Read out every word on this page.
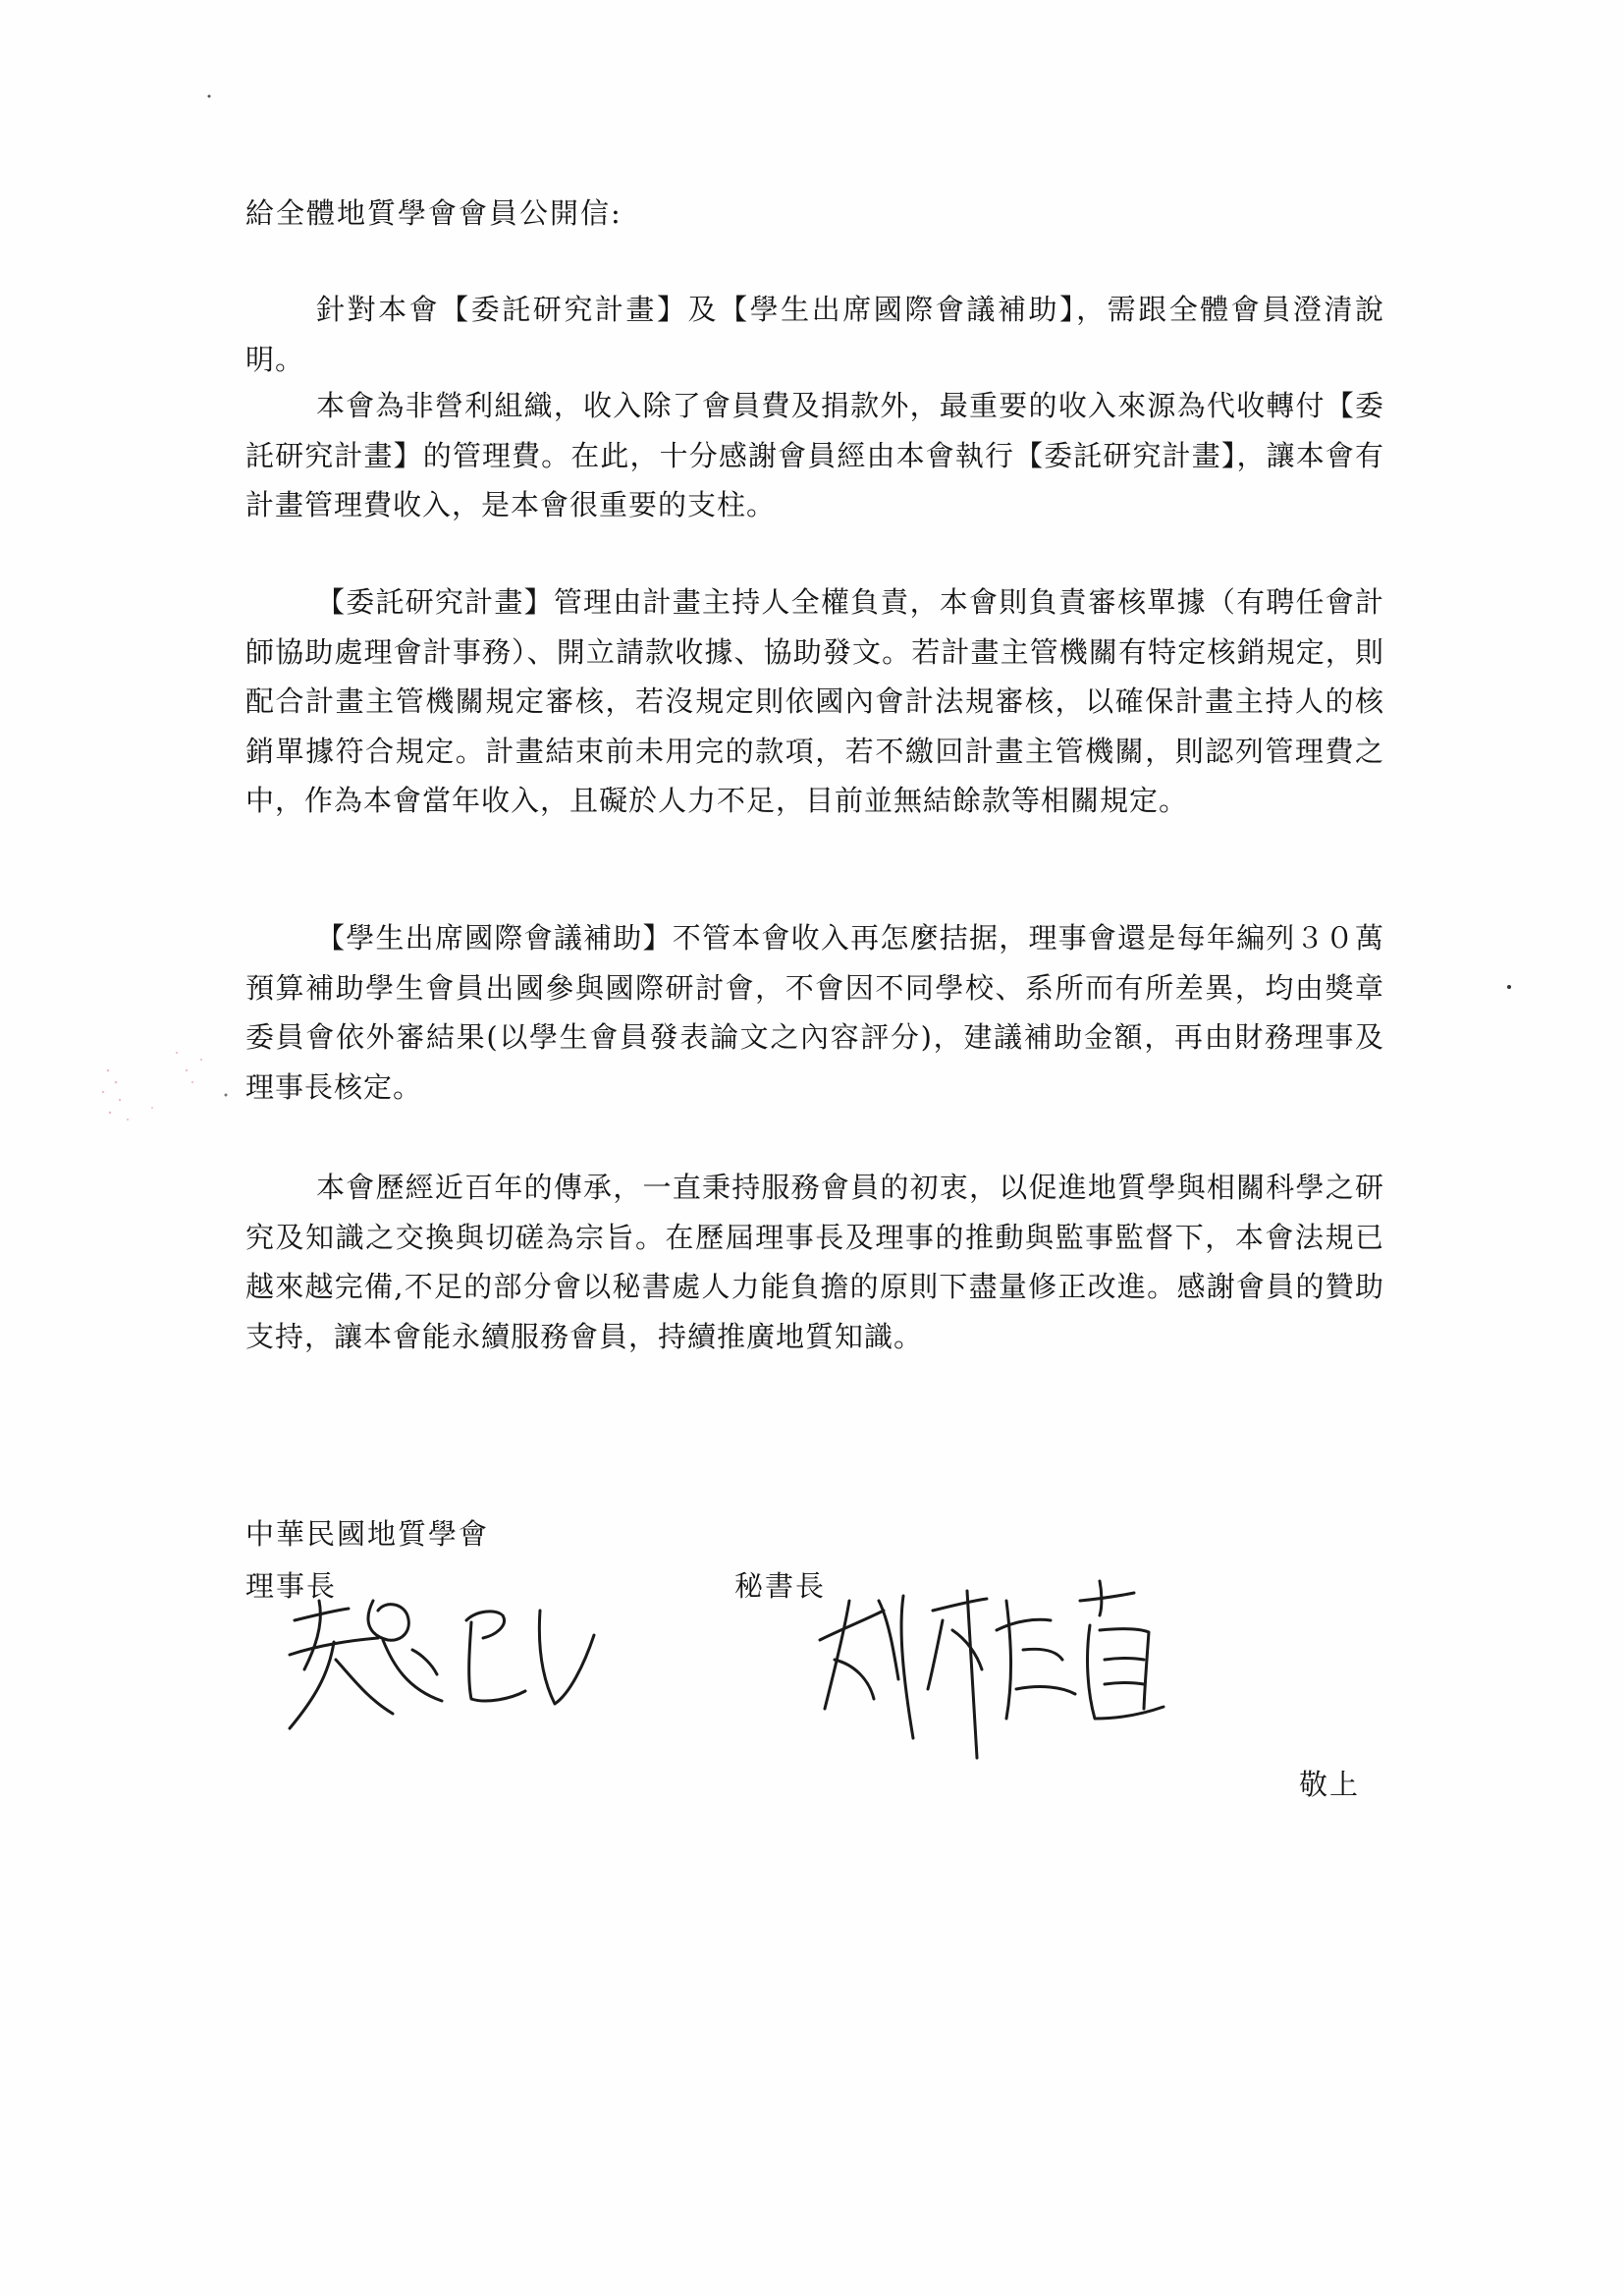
給全體地質學會會員公開信:

針對本會【委託研究計畫】及【學生出席國際會議補助】，需跟全體會員澄清說明。

本會為非營利組織，收入除了會員費及捐款外，最重要的收入來源為代收轉付【委託研究計畫】的管理費。在此，十分感謝會員經由本會執行【委託研究計畫】，讓本會有計畫管理費收入，是本會很重要的支柱。

【委託研究計畫】管理由計畫主持人全權負責，本會則負責審核單據（有聘任會計師協助處理會計事務）、開立請款收據、協助發文。若計畫主管機關有特定核銷規定，則配合計畫主管機關規定審核，若沒規定則依國內會計法規審核，以確保計畫主持人的核銷單據符合規定。計畫結束前未用完的款項，若不繳回計畫主管機關，則認列管理費之中，作為本會當年收入，且礙於人力不足，目前並無結餘款等相關規定。

【學生出席國際會議補助】不管本會收入再怎麼拮据，理事會還是每年編列３０萬預算補助學生會員出國參與國際研討會，不會因不同學校、系所而有所差異，均由獎章委員會依外審結果(以學生會員發表論文之內容評分)，建議補助金額，再由財務理事及理事長核定。

本會歷經近百年的傳承，一直秉持服務會員的初衷，以促進地質學與相關科學之研究及知識之交換與切磋為宗旨。在歷屆理事長及理事的推動與監事監督下，本會法規已越來越完備,不足的部分會以秘書處人力能負擔的原則下盡量修正改進。感謝會員的贊助支持，讓本會能永續服務會員，持續推廣地質知識。

中華民國地質學會
理事長	秘書長
敬上
